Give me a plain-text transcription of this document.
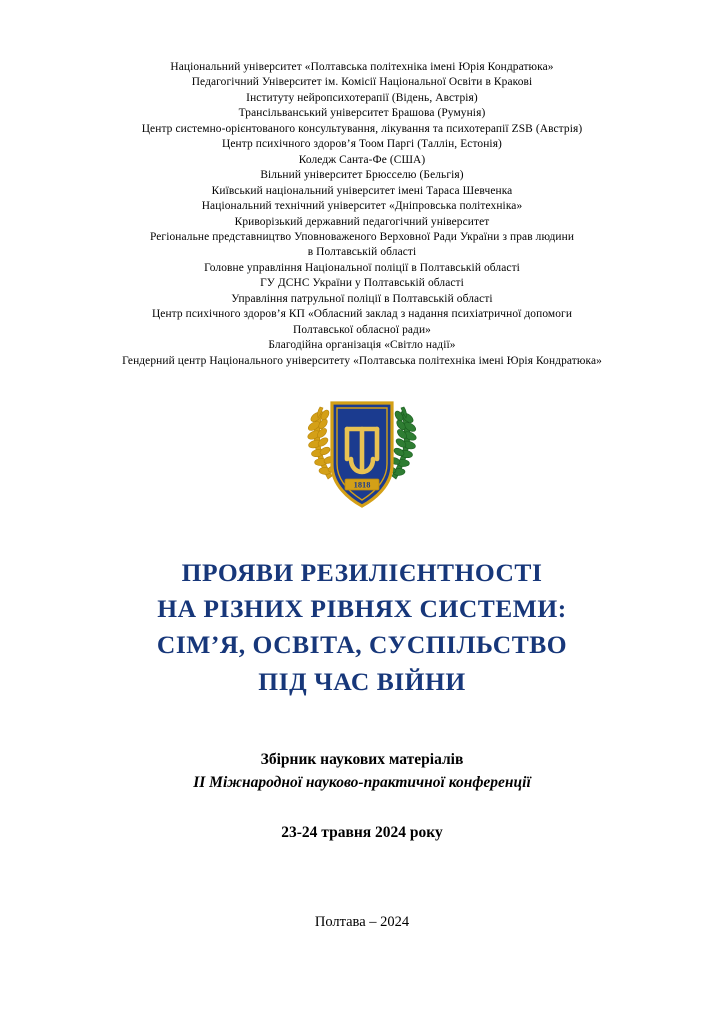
Національний університет «Полтавська політехніка імені Юрія Кондратюка»
Педагогічний Університет ім. Комісії Національної Освіти в Кракові
Інституту нейропсихотерапії (Відень, Австрія)
Трансільванський університет Брашова (Румунія)
Центр системно-орієнтованого консультування, лікування та психотерапії ZSB (Австрія)
Центр психічного здоров’я Тоом Паргі (Таллін, Естонія)
Коледж Санта-Фе (США)
Вільний університет Брюсселю (Бельгія)
Київський національний університет імені Тараса Шевченка
Національний технічний університет «Дніпровська політехніка»
Криворізький державний педагогічний університет
Регіональне представництво Уповноваженого Верховної Ради України з прав людини
в Полтавській області
Головне управління Національної поліції в Полтавській області
ГУ ДСНС України у Полтавській області
Управління патрульної поліції в Полтавській області
Центр психічного здоров’я КП «Обласний заклад з надання психіатричної допомоги
Полтавської обласної ради»
Благодійна організація «Світло надії»
Гендерний центр Національного університету «Полтавська політехніка імені Юрія Кондратюка»
1818
ПРОЯВИ РЕЗИЛІЄНТНОСТІ
НА РІЗНИХ РІВНЯХ СИСТЕМИ:
СІМ’Я, ОСВІТА, СУСПІЛЬСТВО
ПІД ЧАС ВІЙНИ
Збірник наукових матеріалів
II Міжнародної науково-практичної конференції
23-24 травня 2024 року
Полтава – 2024
